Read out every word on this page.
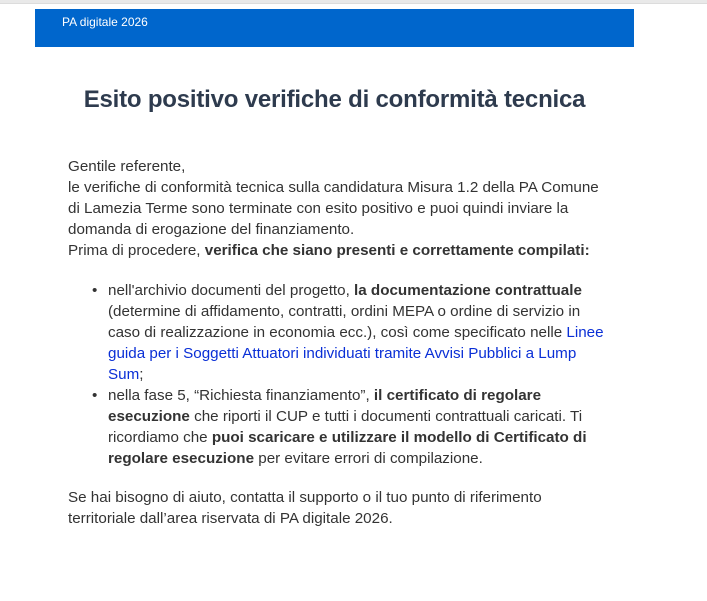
PA digitale 2026
Esito positivo verifiche di conformità tecnica

Gentile referente,

le verifiche di conformità tecnica sulla candidatura Misura 1.2 della PA Comune di Lamezia Terme sono terminate con esito positivo e puoi quindi inviare la domanda di erogazione del finanziamento.

Prima di procedere, verifica che siano presenti e correttamente compilati:

• nell'archivio documenti del progetto, la documentazione contrattuale (determine di affidamento, contratti, ordini MEPA o ordine di servizio in caso di realizzazione in economia ecc.), così come specificato nelle Linee guida per i Soggetti Attuatori individuati tramite Avvisi Pubblici a Lump Sum;
• nella fase 5, “Richiesta finanziamento”, il certificato di regolare esecuzione che riporti il CUP e tutti i documenti contrattuali caricati. Ti ricordiamo che puoi scaricare e utilizzare il modello di Certificato di regolare esecuzione per evitare errori di compilazione.

Se hai bisogno di aiuto, contatta il supporto o il tuo punto di riferimento territoriale dall’area riservata di PA digitale 2026.
